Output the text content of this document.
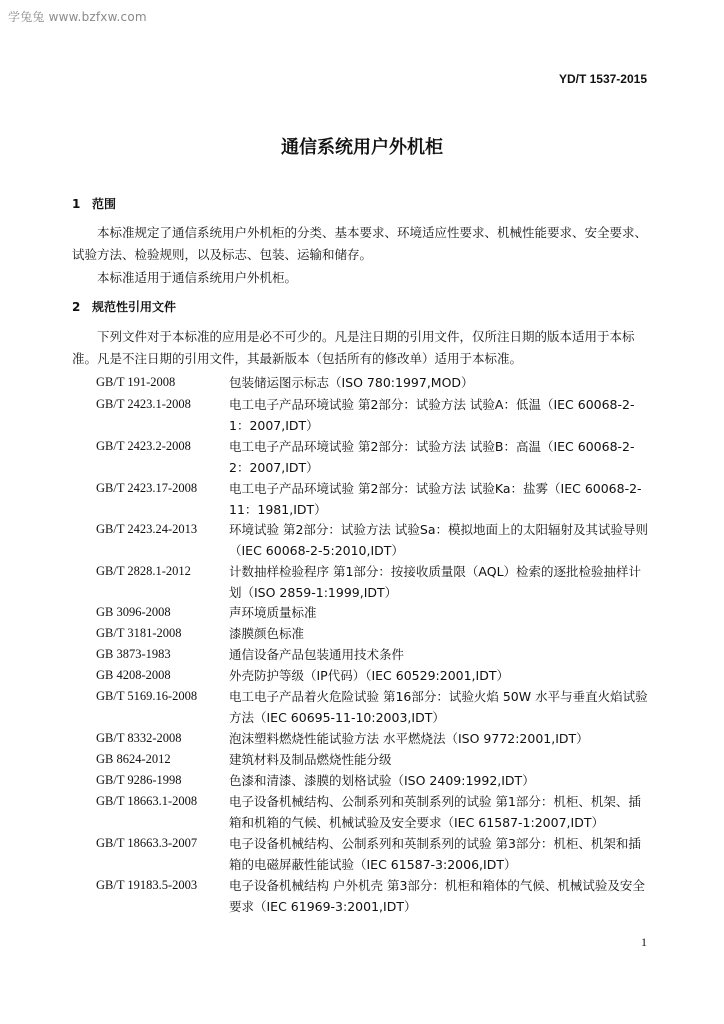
学兔兔 www.bzfxw.com
YD/T 1537-2015
通信系统用户外机柜
1 范围
本标准规定了通信系统用户外机柜的分类、基本要求、环境适应性要求、机械性能要求、安全要求、试验方法、检验规则，以及标志、包装、运输和储存。
本标准适用于通信系统用户外机柜。
2 规范性引用文件
下列文件对于本标准的应用是必不可少的。凡是注日期的引用文件，仅所注日期的版本适用于本标准。凡是不注日期的引用文件，其最新版本（包括所有的修改单）适用于本标准。
GB/T 191-2008	包装储运图示标志（ISO 780:1997,MOD）
GB/T 2423.1-2008	电工电子产品环境试验 第2部分：试验方法 试验A：低温（IEC 60068-2-1：2007,IDT）
GB/T 2423.2-2008	电工电子产品环境试验 第2部分：试验方法 试验B：高温（IEC 60068-2-2：2007,IDT）
GB/T 2423.17-2008	电工电子产品环境试验 第2部分：试验方法 试验Ka：盐雾（IEC 60068-2-11：1981,IDT）
GB/T 2423.24-2013	环境试验 第2部分：试验方法 试验Sa：模拟地面上的太阳辐射及其试验导则（IEC 60068-2-5:2010,IDT）
GB/T 2828.1-2012	计数抽样检验程序 第1部分：按接收质量限（AQL）检索的逐批检验抽样计划（ISO 2859-1:1999,IDT）
GB 3096-2008	声环境质量标准
GB/T 3181-2008	漆膜颜色标准
GB 3873-1983	通信设备产品包装通用技术条件
GB 4208-2008	外壳防护等级（IP代码）（IEC 60529:2001,IDT）
GB/T 5169.16-2008	电工电子产品着火危险试验 第16部分：试验火焰 50W 水平与垂直火焰试验方法（IEC 60695-11-10:2003,IDT）
GB/T 8332-2008	泡沫塑料燃烧性能试验方法 水平燃烧法（ISO 9772:2001,IDT）
GB 8624-2012	建筑材料及制品燃烧性能分级
GB/T 9286-1998	色漆和清漆、漆膜的划格试验（ISO 2409:1992,IDT）
GB/T 18663.1-2008	电子设备机械结构、公制系列和英制系列的试验 第1部分：机柜、机架、插箱和机箱的气候、机械试验及安全要求（IEC 61587-1:2007,IDT）
GB/T 18663.3-2007	电子设备机械结构、公制系列和英制系列的试验 第3部分：机柜、机架和插箱的电磁屏蔽性能试验（IEC 61587-3:2006,IDT）
GB/T 19183.5-2003	电子设备机械结构 户外机壳 第3部分：机柜和箱体的气候、机械试验及安全要求（IEC 61969-3:2001,IDT）
1
